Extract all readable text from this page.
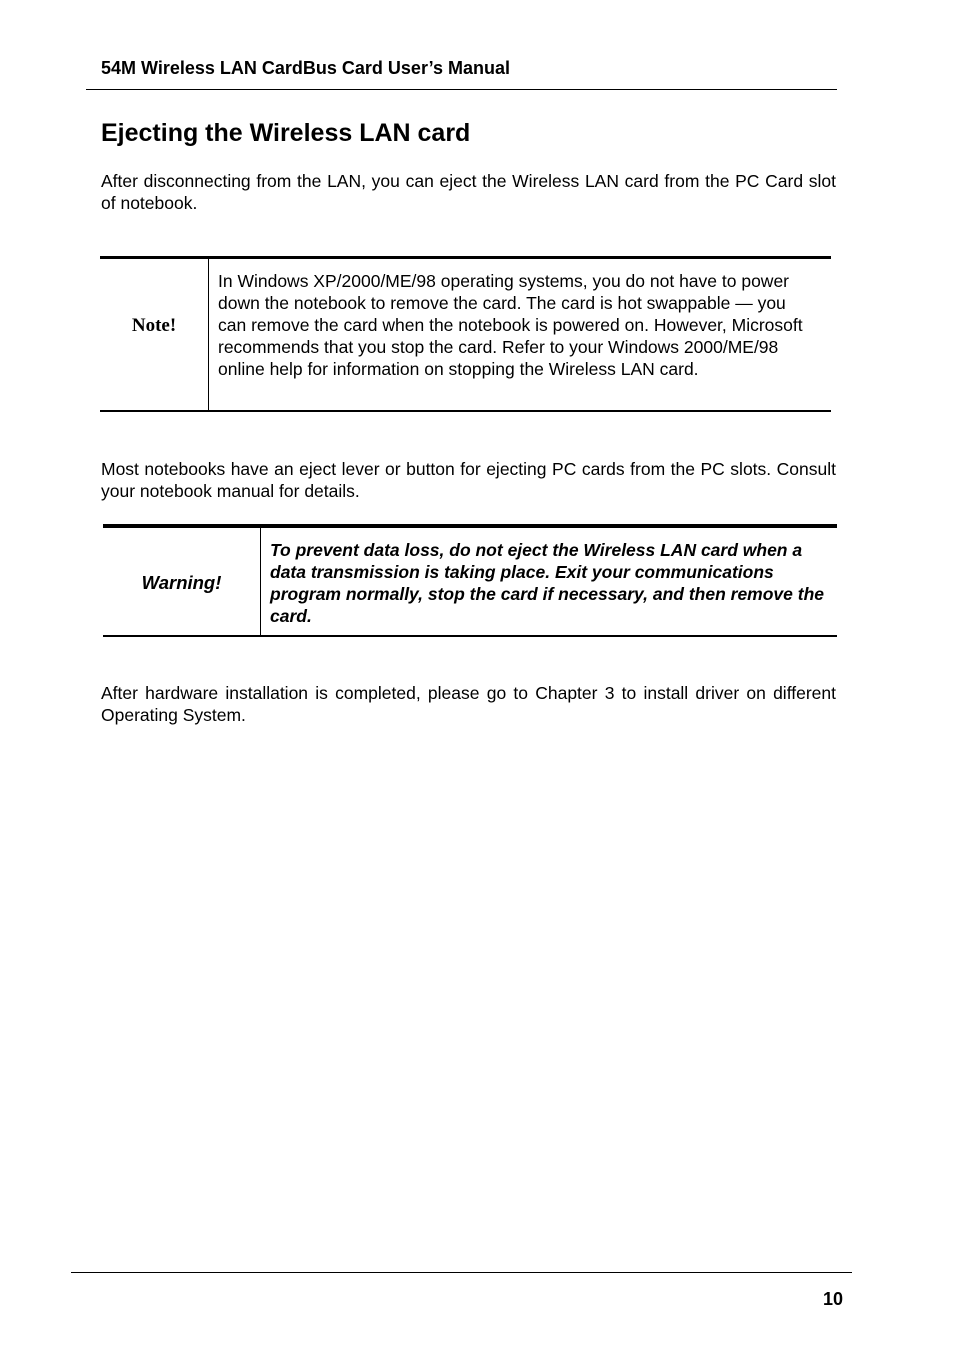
54M Wireless LAN CardBus Card User’s Manual
Ejecting the Wireless LAN card

After disconnecting from the LAN, you can eject the Wireless LAN card from the PC Card slot of notebook.

Note!

In Windows XP/2000/ME/98 operating systems, you do not have to power down the notebook to remove the card. The card is hot swappable — you can remove the card when the notebook is powered on. However, Microsoft recommends that you stop the card. Refer to your Windows 2000/ME/98 online help for information on stopping the Wireless LAN card.

Most notebooks have an eject lever or button for ejecting PC cards from the PC slots. Consult your notebook manual for details.

Warning!

To prevent data loss, do not eject the Wireless LAN card when a data transmission is taking place. Exit your communications program normally, stop the card if necessary, and then remove the card.

After hardware installation is completed, please go to Chapter 3 to install driver on different Operating System.

10
